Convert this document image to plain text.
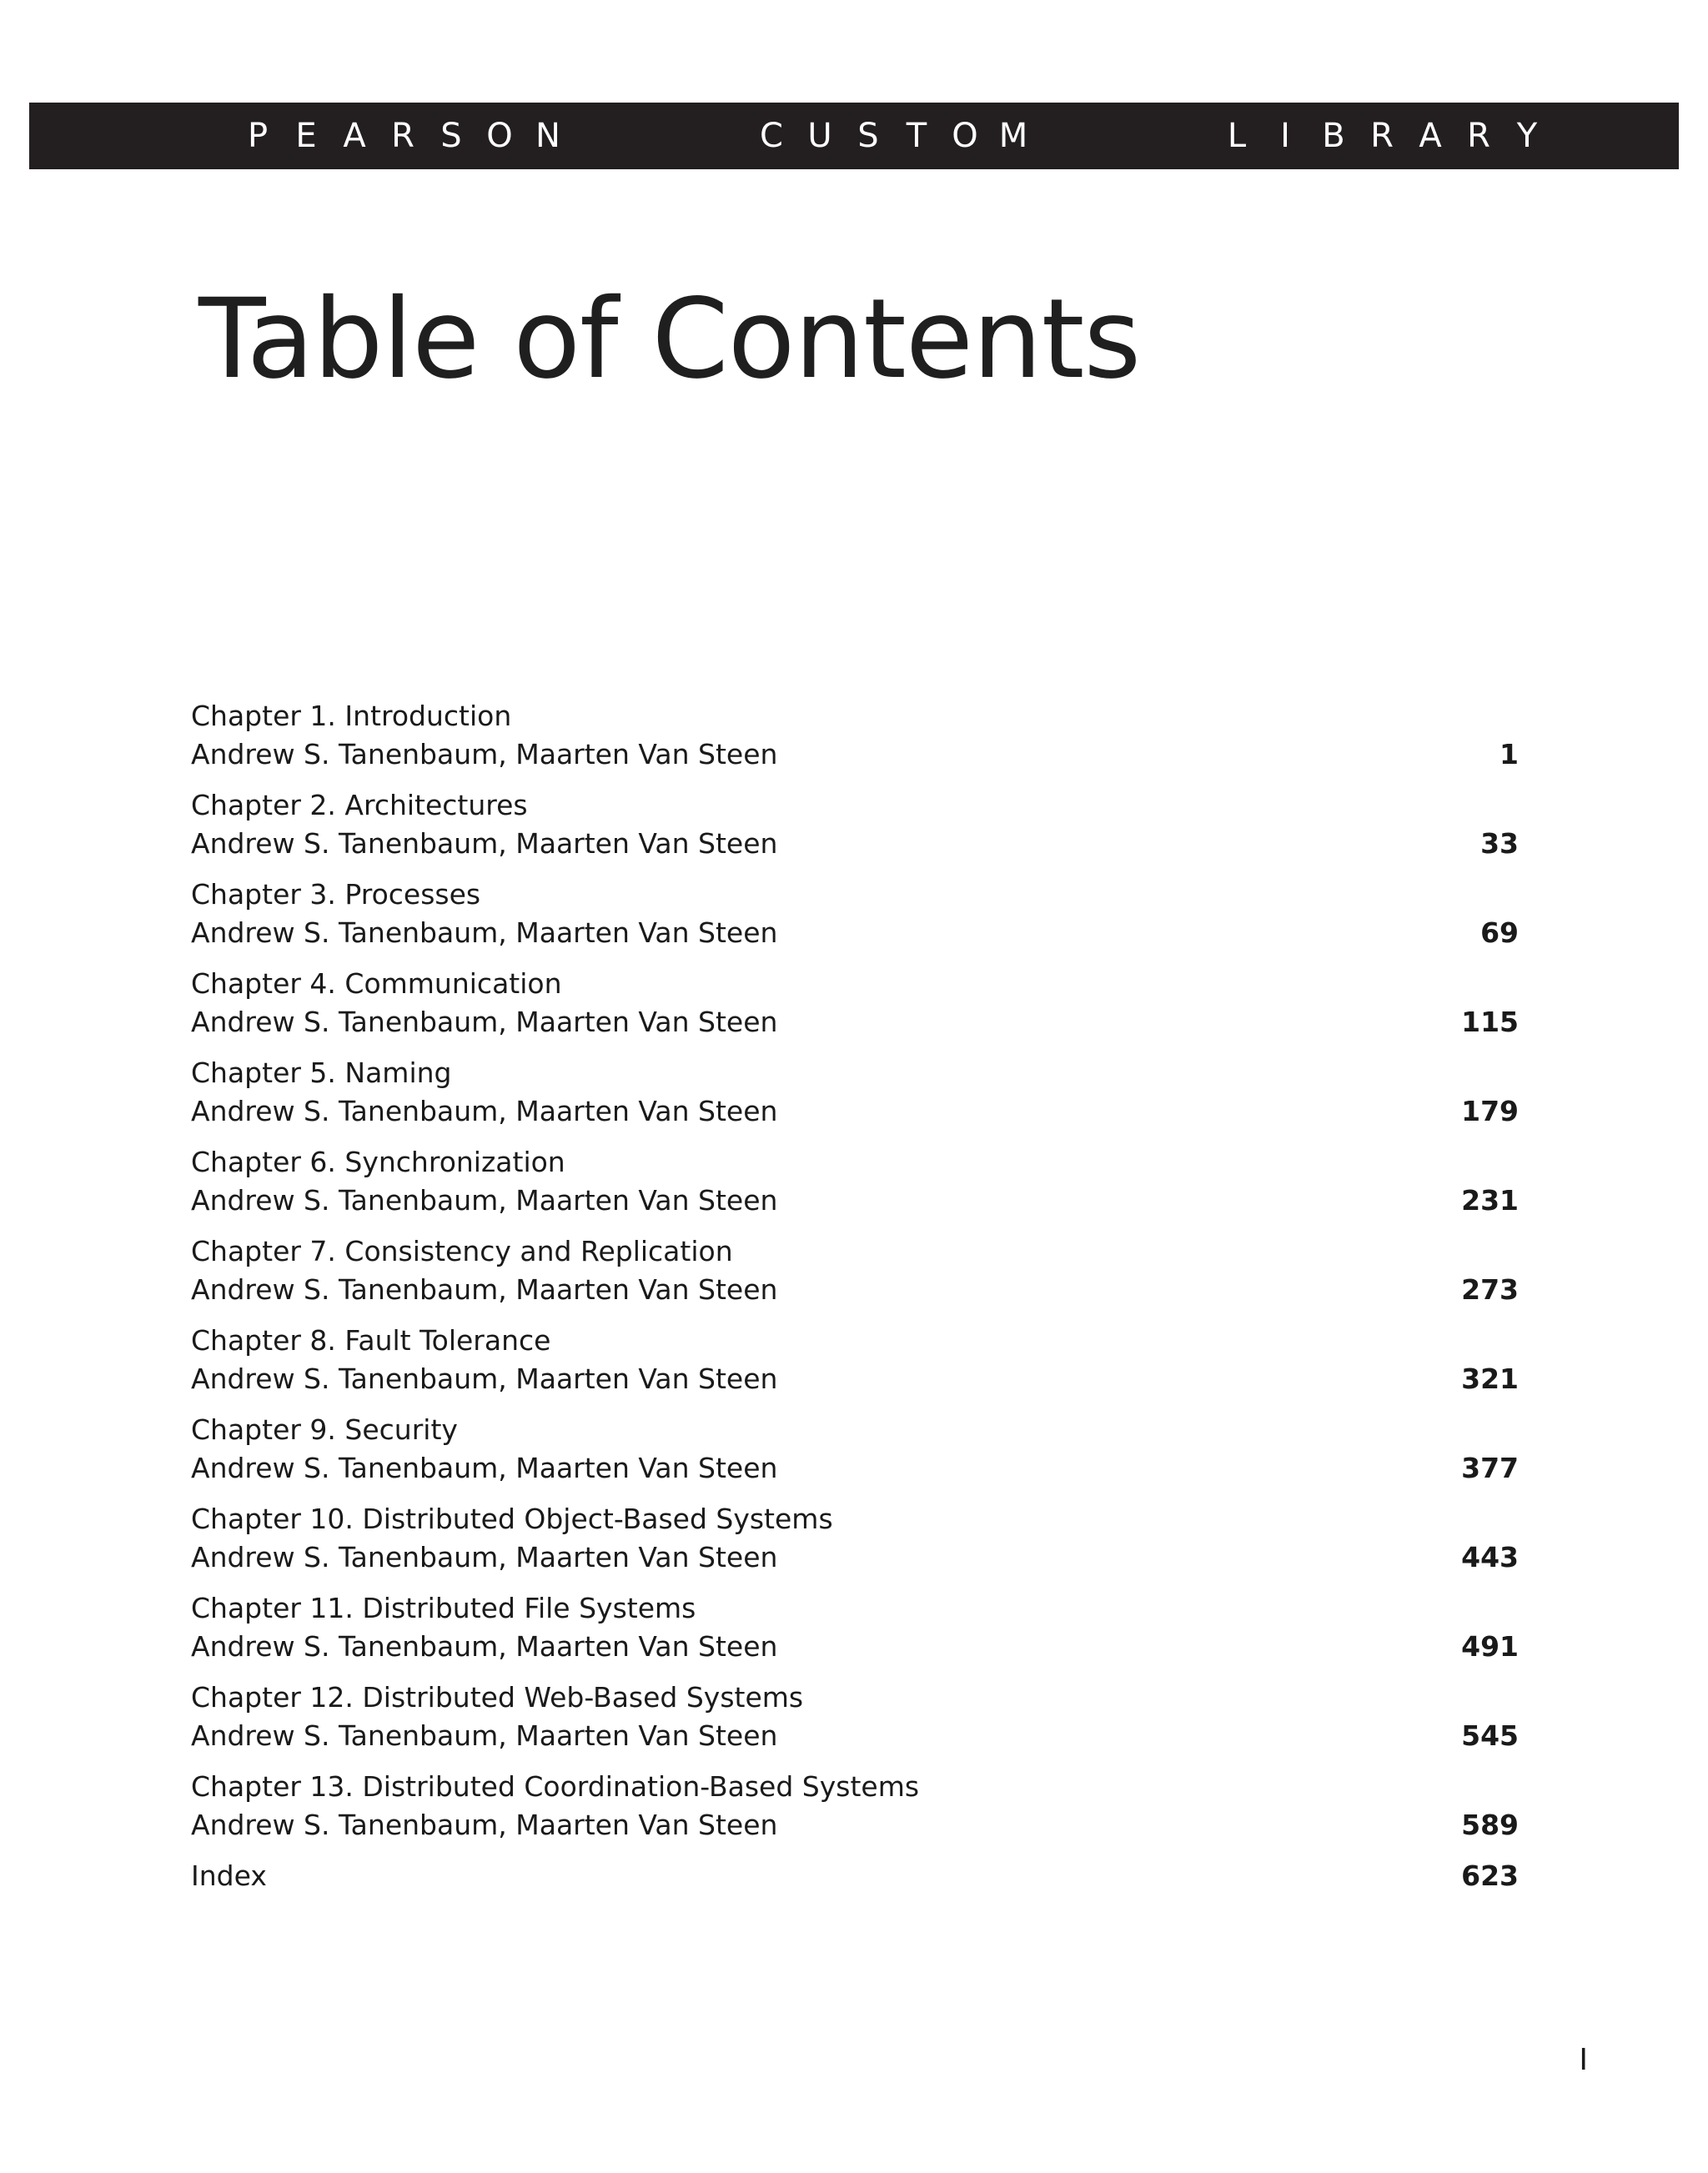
P E A R S O N	C U S T O M	L	I B R A R Y
Table of Contents
Chapter 1. Introduction
Andrew S. Tanenbaum, Maarten Van Steen	1
Chapter 2. Architectures
Andrew S. Tanenbaum, Maarten Van Steen	33
Chapter 3. Processes
Andrew S. Tanenbaum, Maarten Van Steen	69
Chapter 4. Communication
Andrew S. Tanenbaum, Maarten Van Steen	115
Chapter 5. Naming
Andrew S. Tanenbaum, Maarten Van Steen	179
Chapter 6. Synchronization
Andrew S. Tanenbaum, Maarten Van Steen	231
Chapter 7. Consistency and Replication
Andrew S. Tanenbaum, Maarten Van Steen	273
Chapter 8. Fault Tolerance
Andrew S. Tanenbaum, Maarten Van Steen	321
Chapter 9. Security
Andrew S. Tanenbaum, Maarten Van Steen	377
Chapter 10. Distributed Object-Based Systems
Andrew S. Tanenbaum, Maarten Van Steen	443
Chapter 11. Distributed File Systems
Andrew S. Tanenbaum, Maarten Van Steen	491
Chapter 12. Distributed Web-Based Systems
Andrew S. Tanenbaum, Maarten Van Steen	545
Chapter 13. Distributed Coordination-Based Systems
Andrew S. Tanenbaum, Maarten Van Steen	589
Index	623
I
